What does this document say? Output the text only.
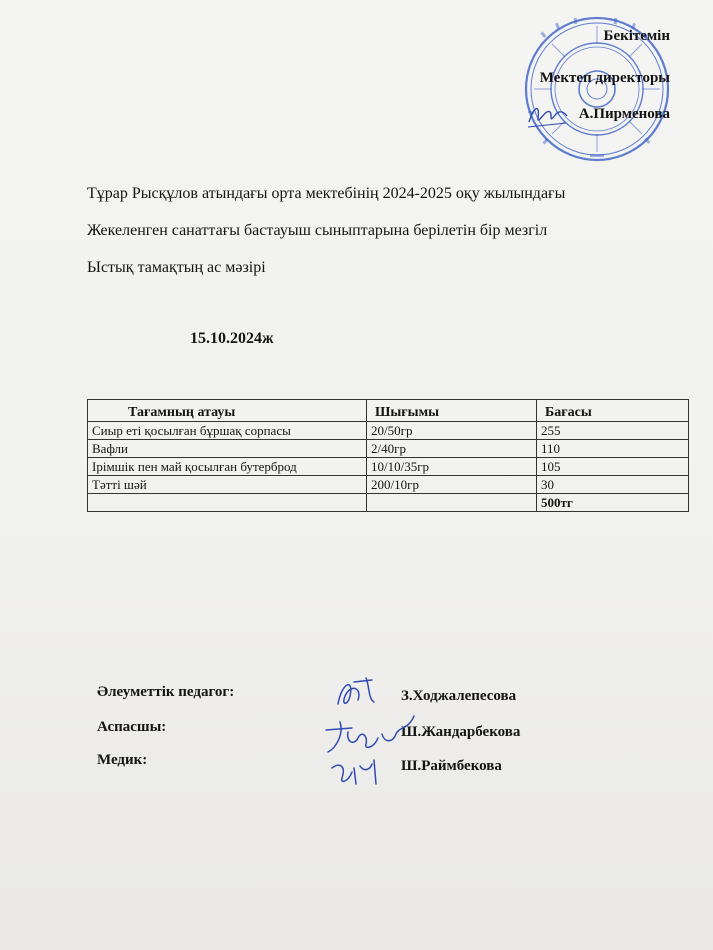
Бекітемін
Мектеп директоры
А.Пирменова
Тұрар Рысқұлов атындағы орта мектебінің 2024-2025 оқу жылындағы
Жекеленген санаттағы бастауыш сыныптарына берілетін бір мезгіл
Ыстық тамақтың ас мәзірі
15.10.2024ж
Тағамның атауы	Шығымы	Бағасы
Сиыр еті қосылған бұршақ сорпасы	20/50гр	255
Вафли	2/40гр	110
Ірімшік пен май қосылған бутерброд	10/10/35гр	105
Тәтті шәй	200/10гр	30
		500тг
Әлеуметтік педагог:
Аспасшы:
Медик:
З.Ходжалепесова
Ш.Жандарбекова
Ш.Раймбекова
